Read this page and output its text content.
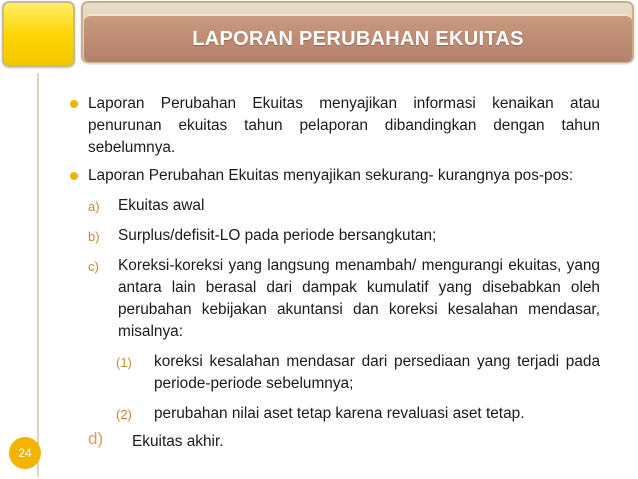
LAPORAN PERUBAHAN EKUITAS
Laporan Perubahan Ekuitas menyajikan informasi kenaikan atau penurunan ekuitas tahun pelaporan dibandingkan dengan tahun sebelumnya.
Laporan Perubahan Ekuitas menyajikan sekurang- kurangnya pos-pos:
a) Ekuitas awal
b) Surplus/defisit-LO pada periode bersangkutan;
c) Koreksi-koreksi yang langsung menambah/ mengurangi ekuitas, yang antara lain berasal dari dampak kumulatif yang disebabkan oleh perubahan kebijakan akuntansi dan koreksi kesalahan mendasar, misalnya:
(1) koreksi kesalahan mendasar dari persediaan yang terjadi pada periode-periode sebelumnya;
(2) perubahan nilai aset tetap karena revaluasi aset tetap.
d) Ekuitas akhir.
24
